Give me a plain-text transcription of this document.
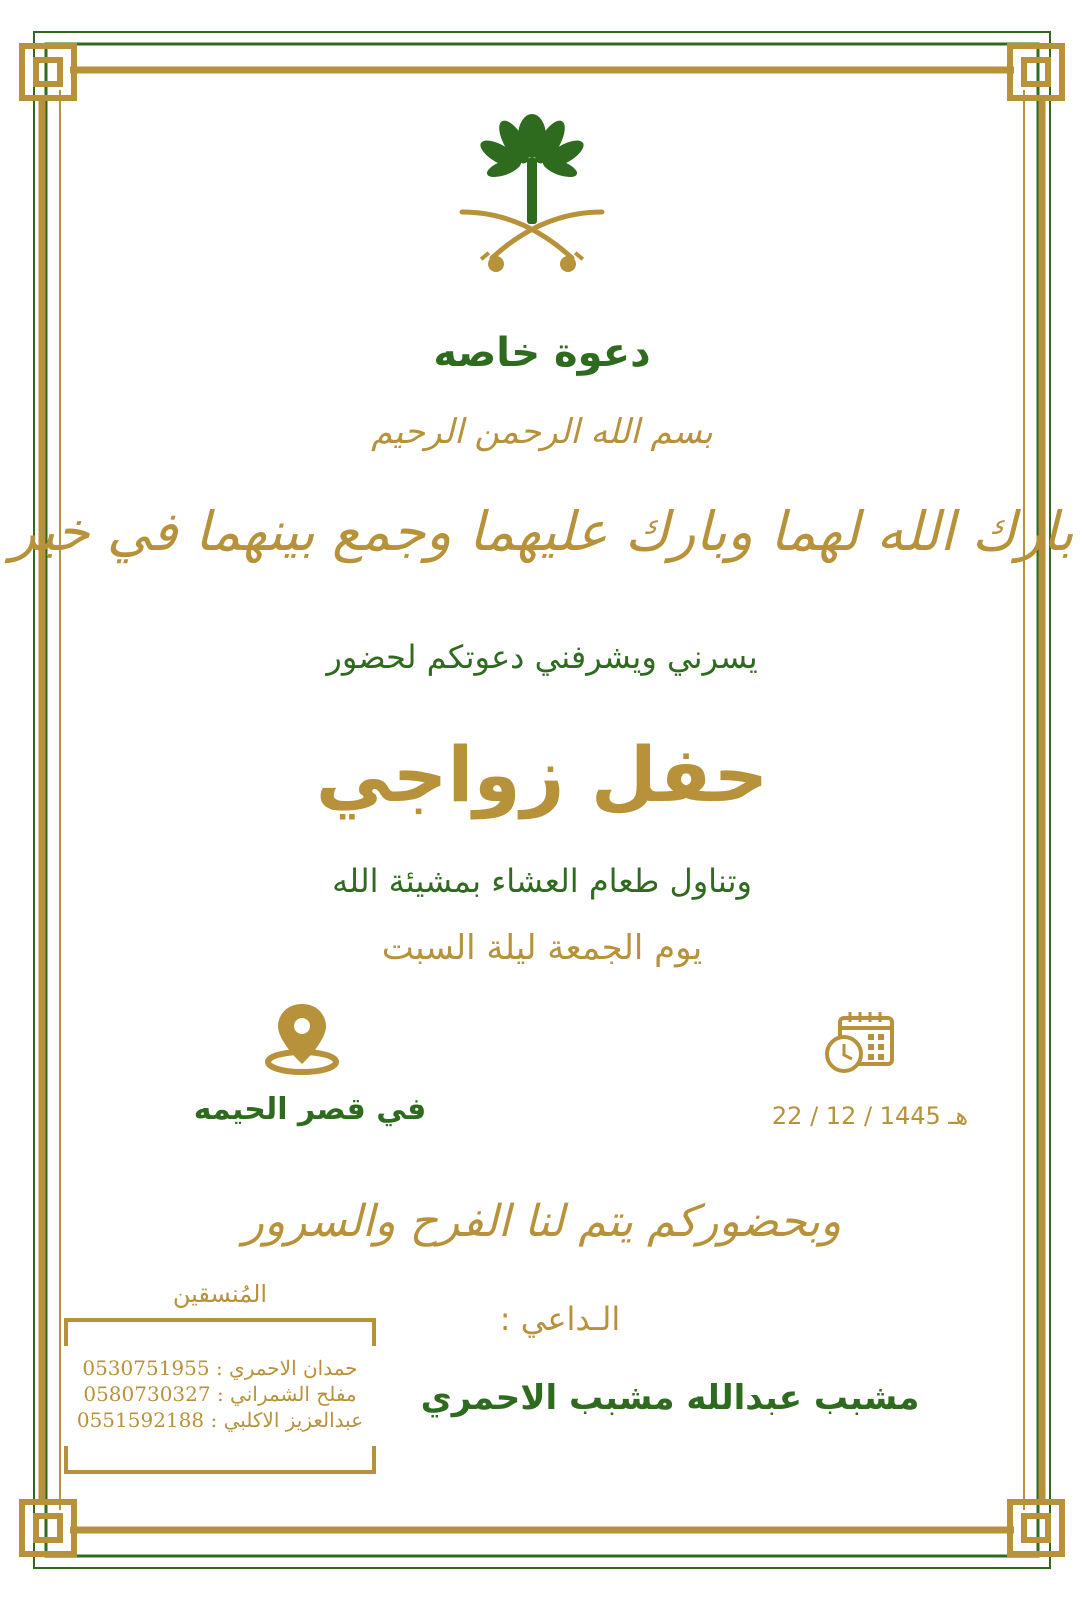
دعوة خاصه
بسم الله الرحمن الرحيم
بارك الله لهما وبارك عليهما وجمع بينهما في خير
يسرني ويشرفني دعوتكم لحضور
حفل زواجي
وتناول طعام العشاء بمشيئة الله
يوم الجمعة ليلة السبت
في قصر الحيمه	22 / 12 / 1445 هـ
وبحضوركم يتم لنا الفرح والسرور
المُنسقين
حمدان الاحمري : 0530751955
مفلح الشمراني : 0580730327
عبدالعزيز الاكلبي : 0551592188
الـداعي :
مشبب عبدالله مشبب الاحمري
